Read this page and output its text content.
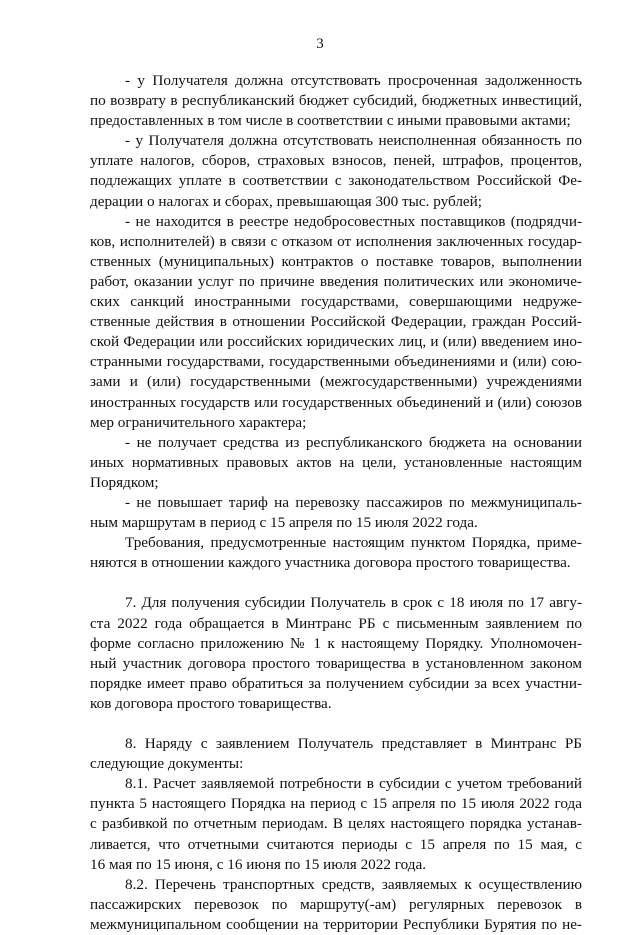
3
- у Получателя должна отсутствовать просроченная задолженность
по возврату в республиканский бюджет субсидий, бюджетных инвестиций,
предоставленных в том числе в соответствии с иными правовыми актами;
- у Получателя должна отсутствовать неисполненная обязанность по
уплате налогов, сборов, страховых взносов, пеней, штрафов, процентов,
подлежащих уплате в соответствии с законодательством Российской Фе-
дерации о налогах и сборах, превышающая 300 тыс. рублей;
- не находится в реестре недобросовестных поставщиков (подрядчи-
ков, исполнителей) в связи с отказом от исполнения заключенных государ-
ственных (муниципальных) контрактов о поставке товаров, выполнении
работ, оказании услуг по причине введения политических или экономиче-
ских санкций иностранными государствами, совершающими недруже-
ственные действия в отношении Российской Федерации, граждан Россий-
ской Федерации или российских юридических лиц, и (или) введением ино-
странными государствами, государственными объединениями и (или) сою-
зами и (или) государственными (межгосударственными) учреждениями
иностранных государств или государственных объединений и (или) союзов
мер ограничительного характера;
- не получает средства из республиканского бюджета на основании
иных нормативных правовых актов на цели, установленные настоящим
Порядком;
- не повышает тариф на перевозку пассажиров по межмуниципаль-
ным маршрутам в период с 15 апреля по 15 июля 2022 года.
Требования, предусмотренные настоящим пунктом Порядка, приме-
няются в отношении каждого участника договора простого товарищества.
7. Для получения субсидии Получатель в срок с 18 июля по 17 авгу-
ста 2022 года обращается в Минтранс РБ с письменным заявлением по
форме согласно приложению № 1 к настоящему Порядку. Уполномочен-
ный участник договора простого товарищества в установленном законом
порядке имеет право обратиться за получением субсидии за всех участни-
ков договора простого товарищества.
8. Наряду с заявлением Получатель представляет в Минтранс РБ
следующие документы:
8.1. Расчет заявляемой потребности в субсидии с учетом требований
пункта 5 настоящего Порядка на период с 15 апреля по 15 июля 2022 года
с разбивкой по отчетным периодам. В целях настоящего порядка устанав-
ливается, что отчетными считаются периоды с 15 апреля по 15 мая, с
16 мая по 15 июня, с 16 июня по 15 июля 2022 года.
8.2. Перечень транспортных средств, заявляемых к осуществлению
пассажирских перевозок по маршруту(-ам) регулярных перевозок в
межмуниципальном сообщении на территории Республики Бурятия по не-
